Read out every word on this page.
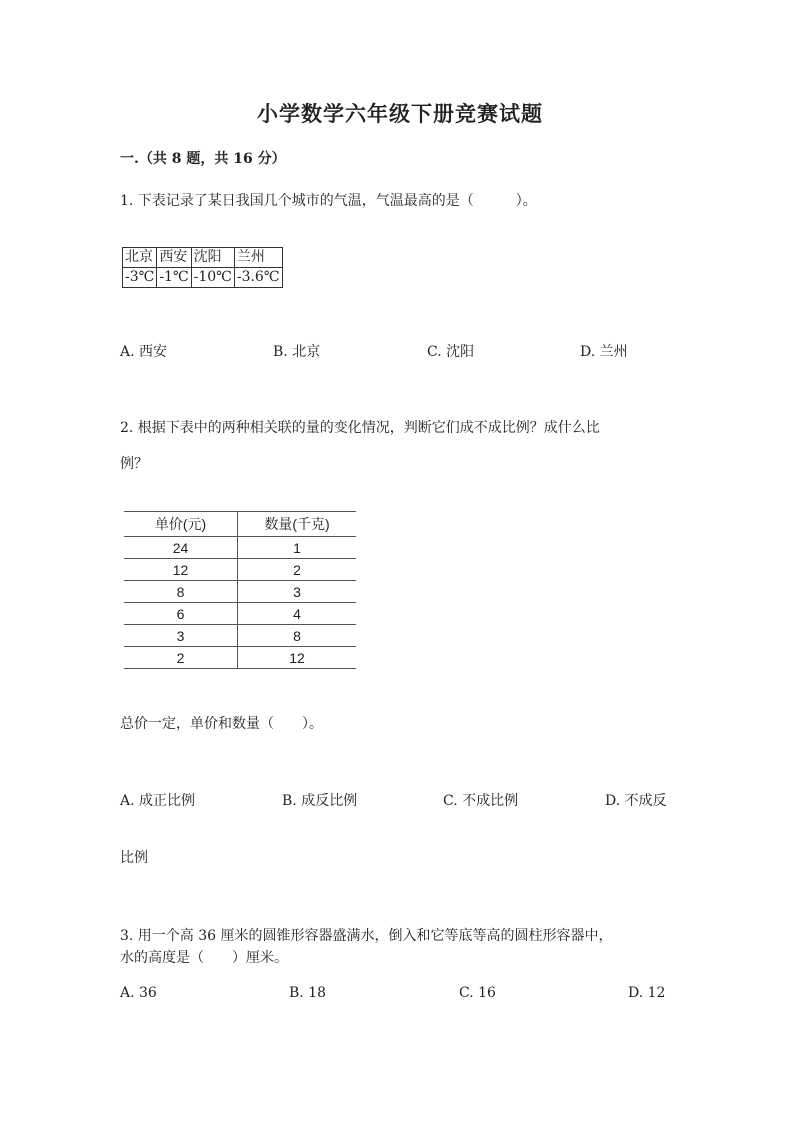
小学数学六年级下册竞赛试题
一.（共 8 题，共 16 分）
1. 下表记录了某日我国几个城市的气温，气温最高的是（　　　）。
北京	西安	沈阳	兰州
-3℃	-1℃	-10℃	-3.6℃
A. 西安	B. 北京	C. 沈阳	D. 兰州
2. 根据下表中的两种相关联的量的变化情况，判断它们成不成比例？成什么比
例？
单价(元)	数量(千克)
24	1
12	2
8	3
6	4
3	8
2	12
总价一定，单价和数量（　　）。
A. 成正比例	B. 成反比例	C. 不成比例	D. 不成反
比例
3. 用一个高 36 厘米的圆锥形容器盛满水，倒入和它等底等高的圆柱形容器中，
水的高度是（　　）厘米。
A. 36	B. 18	C. 16	D. 12
